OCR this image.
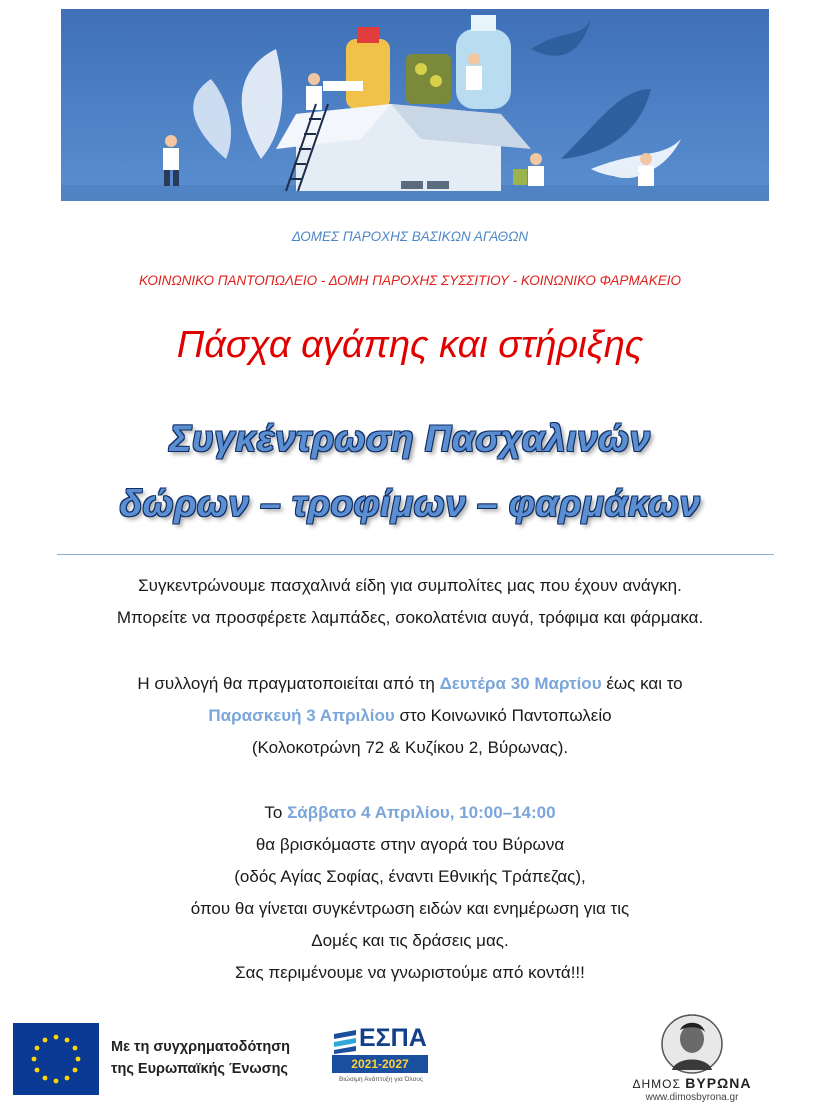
ΔΟΜΕΣ ΠΑΡΟΧΗΣ ΒΑΣΙΚΩΝ ΑΓΑΘΩΝ

ΚΟΙΝΩΝΙΚΟ ΠΑΝΤΟΠΩΛΕΙΟ - ΔΟΜΗ ΠΑΡΟΧΗΣ ΣΥΣΣΙΤΙΟΥ - ΚΟΙΝΩΝΙΚΟ ΦΑΡΜΑΚΕΙΟ

Πάσχα αγάπης και στήριξης
Συγκέντρωση Πασχαλινών
δώρων – τροφίμων – φαρμάκων
Συγκεντρώνουμε πασχαλινά είδη για συμπολίτες μας που έχουν ανάγκη.
Μπορείτε να προσφέρετε λαμπάδες, σοκολατένια αυγά, τρόφιμα και φάρμακα.
Η συλλογή θα πραγματοποιείται από τη Δευτέρα 30 Μαρτίου έως και το
Παρασκευή 3 Απριλίου στο Κοινωνικό Παντοπωλείο
(Κολοκοτρώνη 72 & Κυζίκου 2, Βύρωνας).
Το Σάββατο 4 Απριλίου, 10:00–14:00
θα βρισκόμαστε στην αγορά του Βύρωνα
(οδός Αγίας Σοφίας, έναντι Εθνικής Τράπεζας),
όπου θα γίνεται συγκέντρωση ειδών και ενημέρωση για τις
Δομές και τις δράσεις μας.
Σας περιμένουμε να γνωριστούμε από κοντά!!!
Με τη συγχρηματοδότηση
της Ευρωπαϊκής Ένωσης
ΕΣΠΑ
2021-2027
Βιώσιμη Ανάπτυξη για Όλους	ΔΗΜΟΣ ΒΥΡΩΝΑ
www.dimosbyrona.gr
